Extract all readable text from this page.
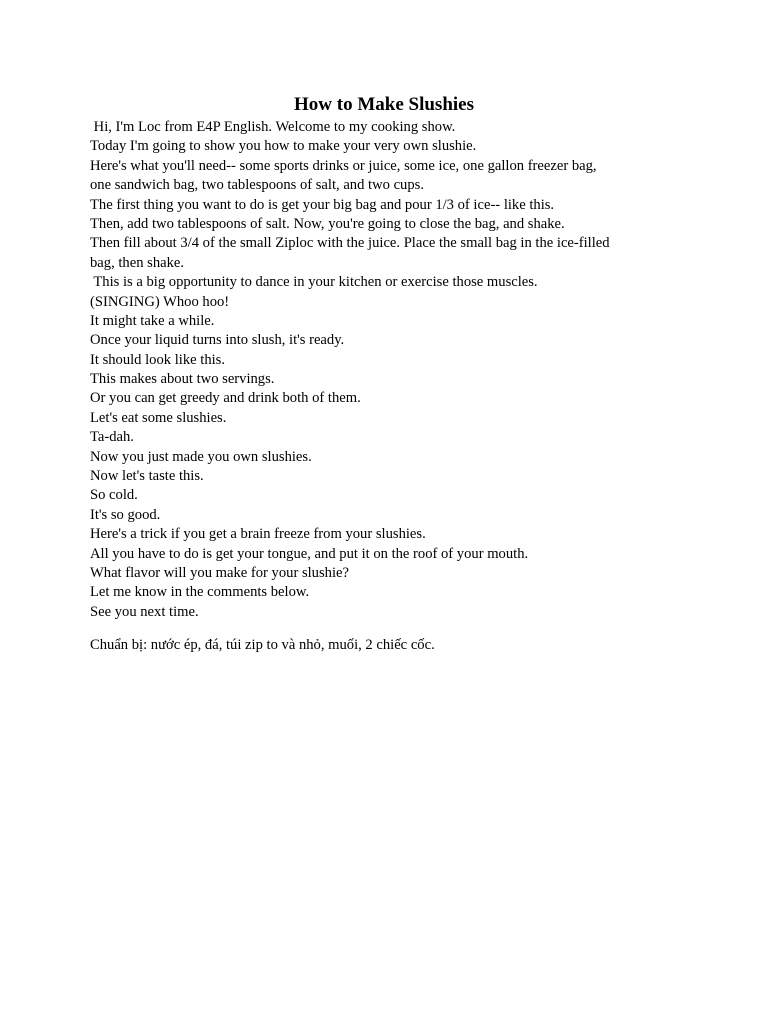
How to Make Slushies
Hi, I'm Loc from E4P English. Welcome to my cooking show.
Today I'm going to show you how to make your very own slushie.
Here's what you'll need-- some sports drinks or juice, some ice, one gallon freezer bag,
one sandwich bag, two tablespoons of salt, and two cups.
The first thing you want to do is get your big bag and pour 1/3 of ice-- like this.
Then, add two tablespoons of salt. Now, you're going to close the bag, and shake.
Then fill about 3/4 of the small Ziploc with the juice. Place the small bag in the ice-filled
bag, then shake.
This is a big opportunity to dance in your kitchen or exercise those muscles.
(SINGING) Whoo hoo!
It might take a while.
Once your liquid turns into slush, it's ready.
It should look like this.
This makes about two servings.
Or you can get greedy and drink both of them.
Let's eat some slushies.
Ta-dah.
Now you just made you own slushies.
Now let's taste this.
So cold.
It's so good.
Here's a trick if you get a brain freeze from your slushies.
All you have to do is get your tongue, and put it on the roof of your mouth.
What flavor will you make for your slushie?
Let me know in the comments below.
See you next time.

Chuẩn bị: nước ép, đá, túi zip to và nhỏ, muối, 2 chiếc cốc.
